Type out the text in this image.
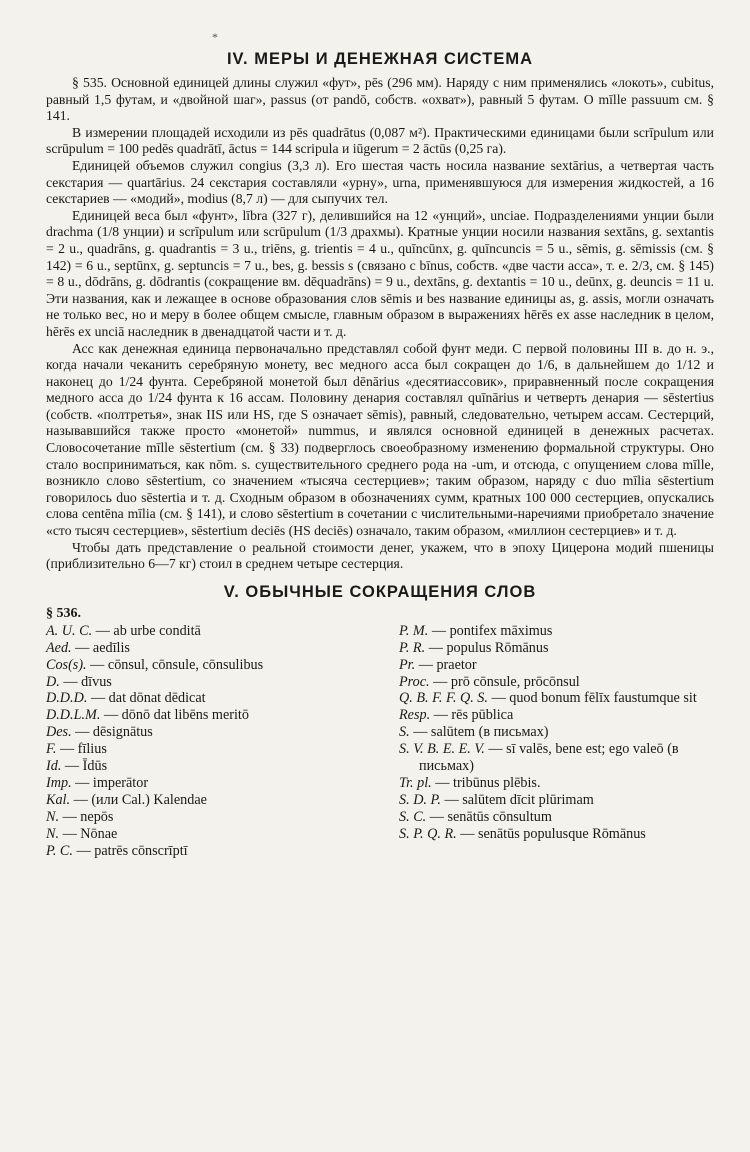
*
IV. МЕРЫ И ДЕНЕЖНАЯ СИСТЕМА

§ 535. Основной единицей длины служил «фут», pēs (296 мм). Наряду с ним применялись «локоть», cubitus, равный 1,5 футам, и «двойной шаг», passus (от pandō, собств. «охват»), равный 5 футам. О mīlle passuum см. § 141.

В измерении площадей исходили из pēs quadrātus (0,087 м²). Практическими единицами были scrīpulum или scrūpulum = 100 pedēs quadrātī, āctus = 144 scripula и iūgerum = 2 āctūs (0,25 га).

Единицей объемов служил congius (3,3 л). Его шестая часть носила название sextārius, а четвертая часть секстария — quartārius. 24 секстария составляли «урну», urna, применявшуюся для измерения жидкостей, а 16 секстариев — «модий», modius (8,7 л) — для сыпучих тел.

Единицей веса был «фунт», lībra (327 г), делившийся на 12 «унций», unciae. Подразделениями унции были drachma (1/8 унции) и scrīpulum или scrūpulum (1/3 драхмы). Кратные унции носили названия sextāns, g. sextantis = 2 u., quadrāns, g. quadrantis = 3 u., triēns, g. trientis = 4 u., quīncūnx, g. quīncuncis = 5 u., sēmis, g. sēmissis (см. § 142) = 6 u., septūnx, g. septuncis = 7 u., bes, g. bessis s (связано с bīnus, собств. «две части асса», т. е. 2/3, см. § 145) = 8 u., dōdrāns, g. dōdrantis (сокращение вм. dēquadrāns) = 9 u., dextāns, g. dextantis = 10 u., deūnx, g. deuncis = 11 u. Эти названия, как и лежащее в основе образования слов sēmis и bes название единицы as, g. assis, могли означать не только вес, но и меру в более общем смысле, главным образом в выражениях hērēs ex asse наследник в целом, hērēs ex unciā наследник в двенадцатой части и т. д.

Асс как денежная единица первоначально представлял собой фунт меди. С первой половины III в. до н. э., когда начали чеканить серебряную монету, вес медного асса был сокращен до 1/6, в дальнейшем до 1/12 и наконец до 1/24 фунта. Серебряной монетой был dēnārius «десятиассовик», приравненный после сокращения медного асса до 1/24 фунта к 16 ассам. Половину денария составлял quīnārius и четверть денария — sēstertius (собств. «полтретья», знак IIS или HS, где S означает sēmis), равный, следовательно, четырем ассам. Сестерций, называвшийся также просто «монетой» nummus, и являлся основной единицей в денежных расчетах. Словосочетание mīlle sēstertium (см. § 33) подверглось своеобразному изменению формальной структуры. Оно стало восприниматься, как nōm. s. существительного среднего рода на -um, и отсюда, с опущением слова mīlle, возникло слово sēstertium, со значением «тысяча сестерциев»; таким образом, наряду с duo mīlia sēstertium говорилось duo sēstertia и т. д. Сходным образом в обозначениях сумм, кратных 100 000 сестерциев, опускались слова centēna mīlia (см. § 141), и слово sēstertium в сочетании с числительными-наречиями приобретало значение «сто тысяч сестерциев», sēstertium deciēs (HS deciēs) означало, таким образом, «миллион сестерциев» и т. д.

Чтобы дать представление о реальной стоимости денег, укажем, что в эпоху Цицерона модий пшеницы (приблизительно 6—7 кг) стоил в среднем четыре сестерция.

V. ОБЫЧНЫЕ СОКРАЩЕНИЯ СЛОВ
§ 536.
A. U. C. — ab urbe conditā
Aed. — aedīlis
Cos(s). — cōnsul, cōnsule, cōnsulibus
D. — dīvus
D.D.D. — dat dōnat dēdicat
D.D.L.M. — dōnō dat libēns meritō
Des. — dēsignātus
F. — fīlius
Id. — Īdūs
Imp. — imperātor
Kal. — (или Cal.) Kalendae
N. — nepōs
N. — Nōnae
P. C. — patrēs cōnscrīptī
P. M. — pontifex māximus
P. R. — populus Rōmānus
Pr. — praetor
Proc. — prō cōnsule, prōcōnsul
Q. B. F. F. Q. S. — quod bonum fēlīx faustumque sit
Resp. — rēs pūblica
S. — salūtem (в письмах)
S. V. B. E. E. V. — sī valēs, bene est; ego valeō (в письмах)
Tr. pl. — tribūnus plēbis.
S. D. P. — salūtem dīcit plūrimam
S. C. — senātūs cōnsultum
S. P. Q. R. — senātūs populusque Rōmānus
